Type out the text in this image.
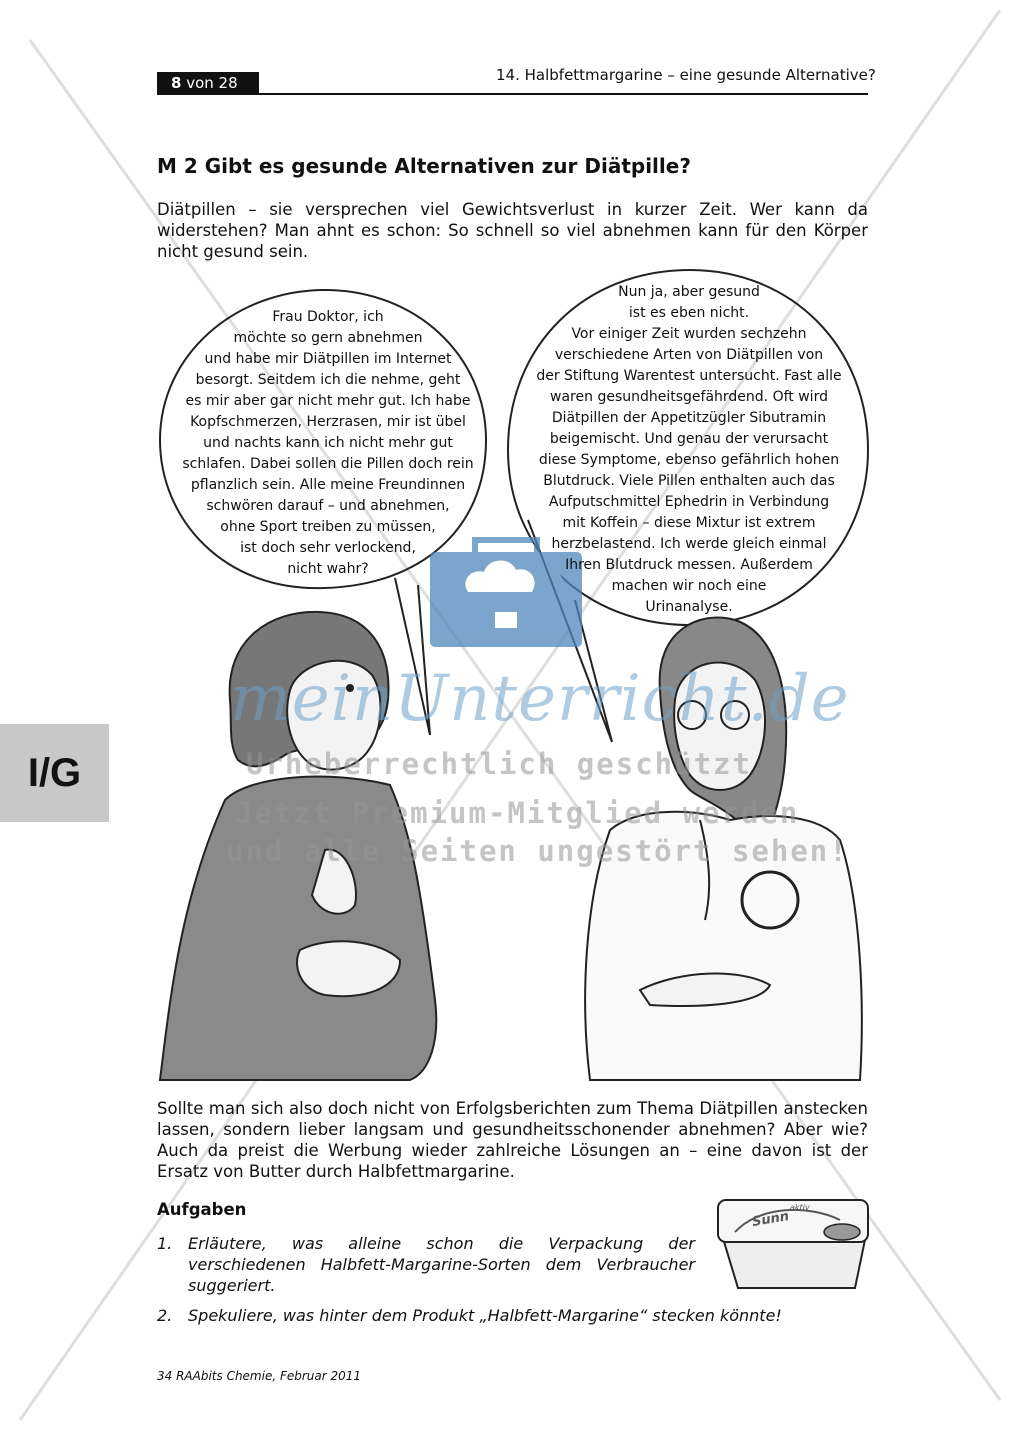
8 von 28	14. Halbfettmargarine – eine gesunde Alternative?
I/G
M 2 Gibt es gesunde Alternativen zur Diätpille?

Diätpillen – sie versprechen viel Gewichtsverlust in kurzer Zeit. Wer kann da widerstehen? Man ahnt es schon: So schnell so viel abnehmen kann für den Körper nicht gesund sein.

Frau Doktor, ich
möchte so gern abnehmen
und habe mir Diätpillen im Internet
besorgt. Seitdem ich die nehme, geht
es mir aber gar nicht mehr gut. Ich habe
Kopfschmerzen, Herzrasen, mir ist übel
und nachts kann ich nicht mehr gut
schlafen. Dabei sollen die Pillen doch rein
pflanzlich sein. Alle meine Freundinnen
schwören darauf – und abnehmen,
ohne Sport treiben zu müssen,
ist doch sehr verlockend,
nicht wahr?

Nun ja, aber gesund
ist es eben nicht.
Vor einiger Zeit wurden sechzehn
verschiedene Arten von Diätpillen von
der Stiftung Warentest untersucht. Fast alle
waren gesundheitsgefährdend. Oft wird
Diätpillen der Appetitzügler Sibutramin
beigemischt. Und genau der verursacht
diese Symptome, ebenso gefährlich hohen
Blutdruck. Viele Pillen enthalten auch das
Aufputschmittel Ephedrin in Verbindung
mit Koffein – diese Mixtur ist extrem
herzbelastend. Ich werde gleich einmal
Ihren Blutdruck messen. Außerdem
machen wir noch eine
Urinanalyse.

meinUnterricht.de
Urheberrechtlich geschützt
Jetzt Premium-Mitglied werden
und alle Seiten ungestört sehen!

Sollte man sich also doch nicht von Erfolgsberichten zum Thema Diätpillen anstecken lassen, sondern lieber langsam und gesundheitsschonender abnehmen? Aber wie? Auch da preist die Werbung wieder zahlreiche Lösungen an – eine davon ist der Ersatz von Butter durch Halbfettmargarine.

Aufgaben
1. Erläutere, was alleine schon die Verpackung der verschiedenen Halbfett-Margarine-Sorten dem Verbraucher suggeriert.
2. Spekuliere, was hinter dem Produkt „Halbfett-Margarine“ stecken könnte!
Sunn
aktiv
34 RAAbits Chemie, Februar 2011
